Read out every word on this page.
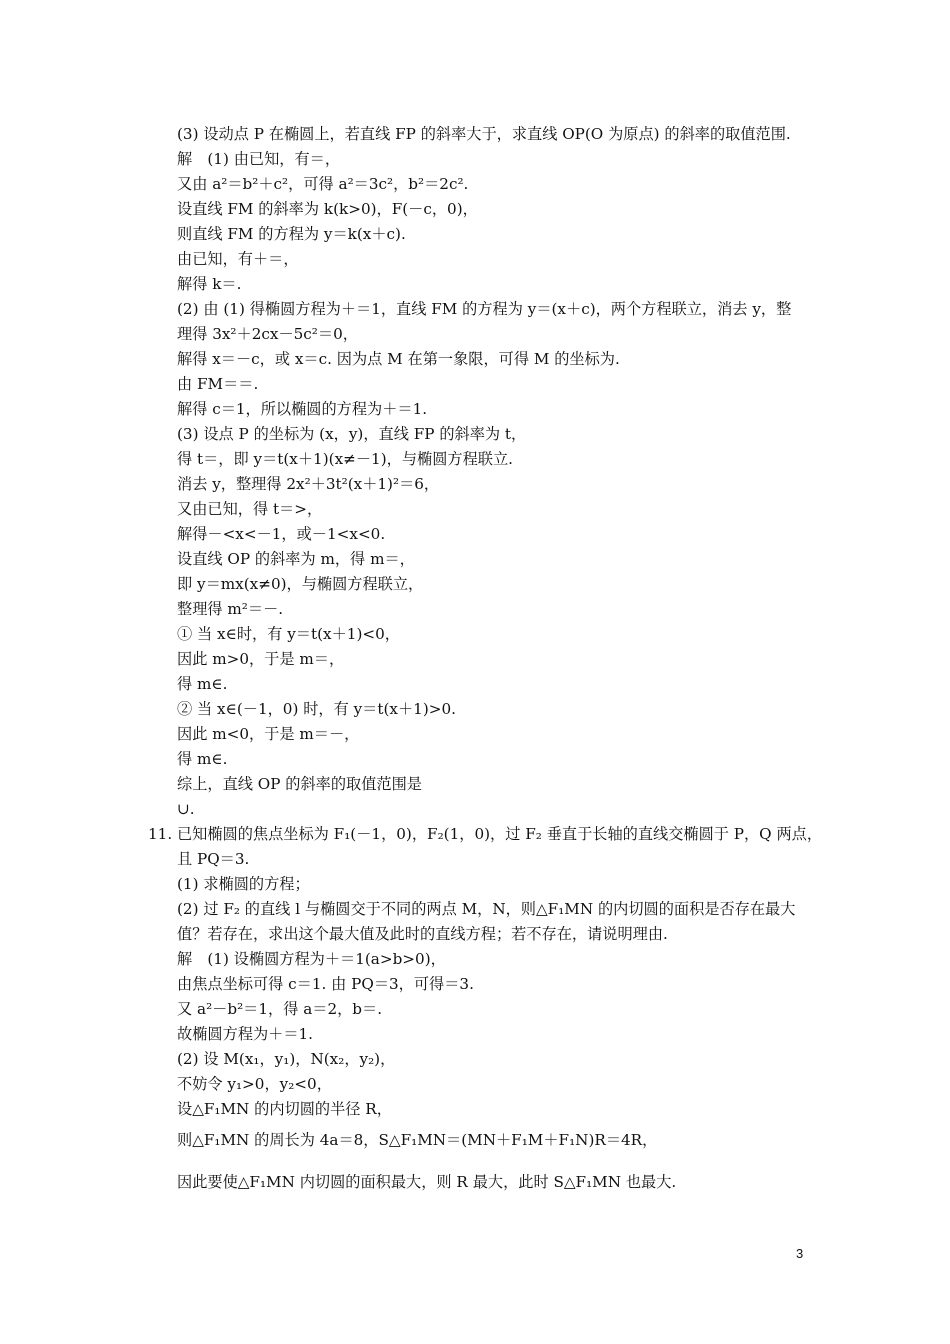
(3) 设动点 P 在椭圆上，若直线 FP 的斜率大于，求直线 OP(O 为原点) 的斜率的取值范围.
解　(1) 由已知，有＝，
又由 a²＝b²＋c²，可得 a²＝3c²，b²＝2c².
设直线 FM 的斜率为 k(k>0)，F(－c，0)，
则直线 FM 的方程为 y＝k(x＋c).
由已知，有＋＝，
解得 k＝.
(2) 由 (1) 得椭圆方程为＋＝1，直线 FM 的方程为 y＝(x＋c)，两个方程联立，消去 y，整
理得 3x²＋2cx－5c²＝0，
解得 x＝－c，或 x＝c. 因为点 M 在第一象限，可得 M 的坐标为.
由 FM＝＝.
解得 c＝1，所以椭圆的方程为＋＝1.
(3) 设点 P 的坐标为 (x，y)，直线 FP 的斜率为 t，
得 t＝，即 y＝t(x＋1)(x≠－1)，与椭圆方程联立.
消去 y，整理得 2x²＋3t²(x＋1)²＝6，
又由已知，得 t＝>，
解得－<x<－1，或－1<x<0.
设直线 OP 的斜率为 m，得 m＝，
即 y＝mx(x≠0)，与椭圆方程联立，
整理得 m²＝－.
① 当 x∈时，有 y＝t(x＋1)<0，
因此 m>0，于是 m＝，
得 m∈.
② 当 x∈(－1，0) 时，有 y＝t(x＋1)>0.
因此 m<0，于是 m＝－，
得 m∈.
综上，直线 OP 的斜率的取值范围是
∪.
11. 已知椭圆的焦点坐标为 F₁(－1，0)，F₂(1，0)，过 F₂ 垂直于长轴的直线交椭圆于 P，Q 两点，
且 PQ＝3.
(1) 求椭圆的方程；
(2) 过 F₂ 的直线 l 与椭圆交于不同的两点 M，N，则△F₁MN 的内切圆的面积是否存在最大
值？若存在，求出这个最大值及此时的直线方程；若不存在，请说明理由.
解　(1) 设椭圆方程为＋＝1(a>b>0)，
由焦点坐标可得 c＝1. 由 PQ＝3，可得＝3.
又 a²－b²＝1，得 a＝2，b＝.
故椭圆方程为＋＝1.
(2) 设 M(x₁，y₁)，N(x₂，y₂)，
不妨令 y₁>0，y₂<0，
设△F₁MN 的内切圆的半径 R，
则△F₁MN 的周长为 4a＝8，S△F₁MN＝(MN＋F₁M＋F₁N)R＝4R，
因此要使△F₁MN 内切圆的面积最大，则 R 最大，此时 S△F₁MN 也最大.
3
